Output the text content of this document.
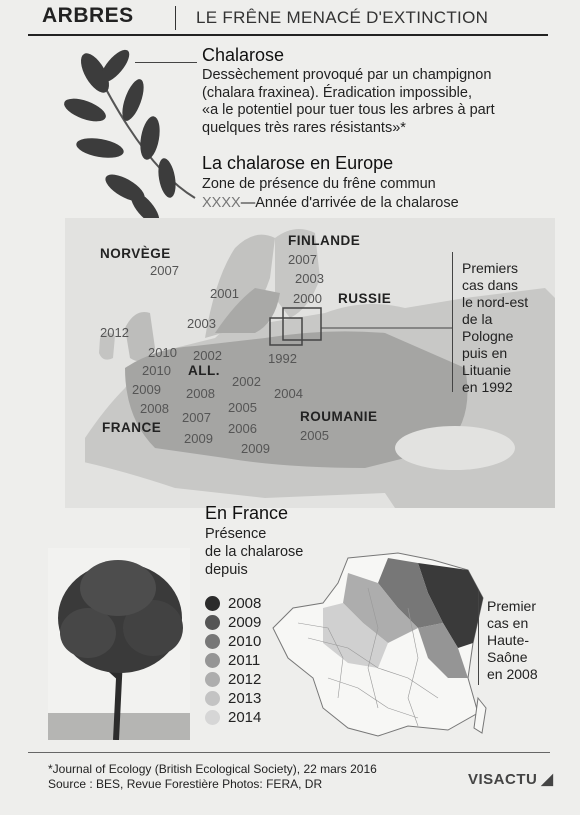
ARBRES	LE FRÊNE MENACÉ D'EXTINCTION
Chalarose
Dessèchement provoqué par un champignon
(chalara fraxinea). Éradication impossible,
«a le potentiel pour tuer tous les arbres à part
quelques très rares résistants»*
La chalarose en Europe
Zone de présence du frêne commun
XXXX—Année d'arrivée de la chalarose
Premiers
cas dans
le nord-est
de la
Pologne
puis en
Lituanie
en 1992
NORVÈGE
FINLANDE
RUSSIE
ALL.
FRANCE
ROUMANIE
2007
2007
2003
2000
2001
2003
2012
1992
2010
2010
2002
2009
2008
2007
2009
2008
2002
2005
2004
2006
2009
2005
En France
Présence
de la chalarose
depuis
2008
2009
2010
2011
2012
2013
2014
Premier
cas en
Haute-
Saône
en 2008
*Journal of Ecology (British Ecological Society), 22 mars 2016
Source : BES, Revue Forestière Photos: FERA, DR	VISACTU ◢
